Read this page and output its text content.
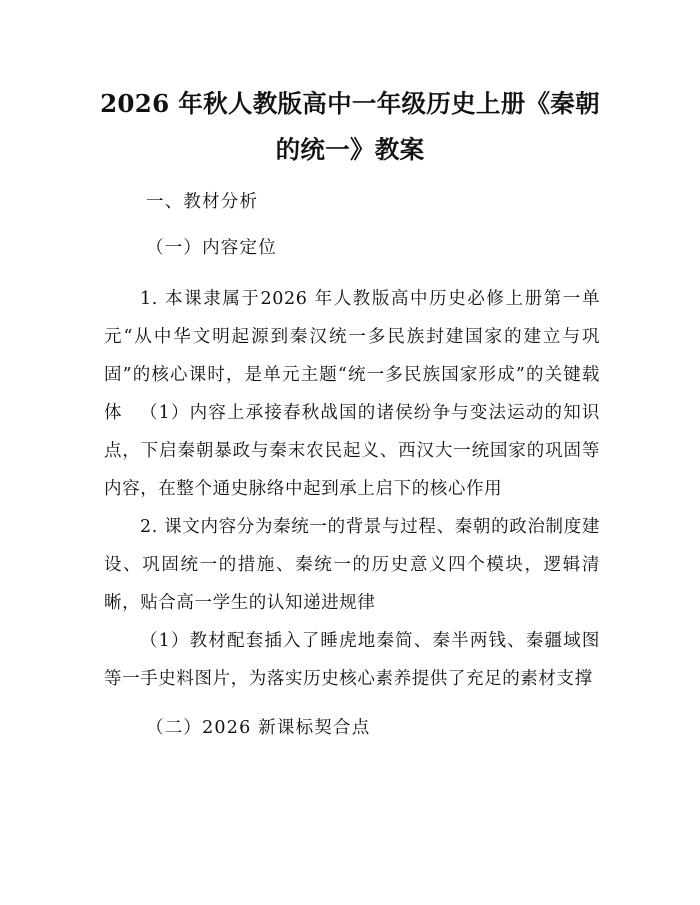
2026 年秋人教版高中一年级历史上册《秦朝
的统一》教案

一、教材分析

（一）内容定位

1. 本课隶属于2026 年人教版高中历史必修上册第一单元“从中华文明起源到秦汉统一多民族封建国家的建立与巩固”的核心课时，是单元主题“统一多民族国家形成”的关键载体	（1）内容上承接春秋战国的诸侯纷争与变法运动的知识点，下启秦朝暴政与秦末农民起义、西汉大一统国家的巩固等内容，在整个通史脉络中起到承上启下的核心作用

2. 课文内容分为秦统一的背景与过程、秦朝的政治制度建设、巩固统一的措施、秦统一的历史意义四个模块，逻辑清晰，贴合高一学生的认知递进规律

（1）教材配套插入了睡虎地秦简、秦半两钱、秦疆域图等一手史料图片，为落实历史核心素养提供了充足的素材支撑

（二）2026 新课标契合点
